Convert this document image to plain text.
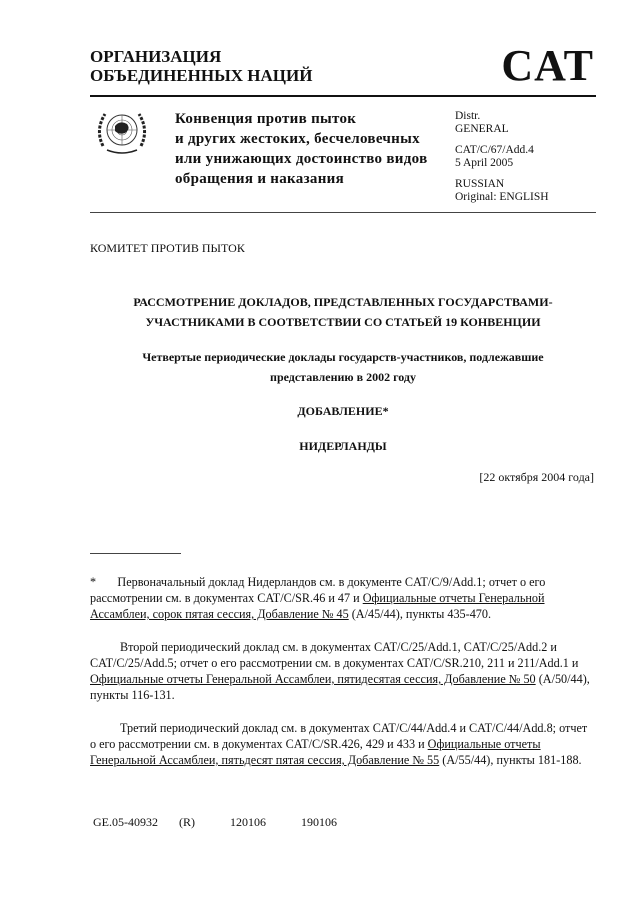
ОРГАНИЗАЦИЯ
ОБЪЕДИНЕННЫХ НАЦИЙ	CAT
Конвенция против пыток
и других жестоких, бесчеловечных
или унижающих достоинство видов
обращения и наказания
Distr.
GENERAL
CAT/C/67/Add.4
5 April 2005
RUSSIAN
Original: ENGLISH
КОМИТЕТ ПРОТИВ ПЫТОК
РАССМОТРЕНИЕ ДОКЛАДОВ, ПРЕДСТАВЛЕННЫХ ГОСУДАРСТВАМИ-
УЧАСТНИКАМИ В СООТВЕТСТВИИ СО СТАТЬЕЙ 19 КОНВЕНЦИИ
Четвертые периодические доклады государств-участников, подлежавшие
представлению в 2002 году
ДОБАВЛЕНИЕ*
НИДЕРЛАНДЫ
[22 октября 2004 года]

*       Первоначальный доклад Нидерландов см. в документе CAT/C/9/Add.1; отчет о его рассмотрении см. в документах CAT/C/SR.46 и 47 и Официальные отчеты Генеральной Ассамблеи, сорок пятая сессия, Добавление № 45 (A/45/44), пункты 435-470.

Второй периодический доклад см. в документах CAT/C/25/Add.1, CAT/C/25/Add.2 и CAT/C/25/Add.5; отчет о его рассмотрении см. в документах CAT/C/SR.210, 211 и 211/Add.1 и Официальные отчеты Генеральной Ассамблеи, пятидесятая сессия, Добавление № 50 (A/50/44), пункты 116-131.

Третий периодический доклад см. в документах CAT/C/44/Add.4 и CAT/C/44/Add.8; отчет о его рассмотрении см. в документах CAT/C/SR.426, 429 и 433 и Официальные отчеты Генеральной Ассамблеи, пятьдесят пятая сессия, Добавление № 55 (A/55/44), пункты 181-188.

GE.05-40932   (R)     120106     190106
